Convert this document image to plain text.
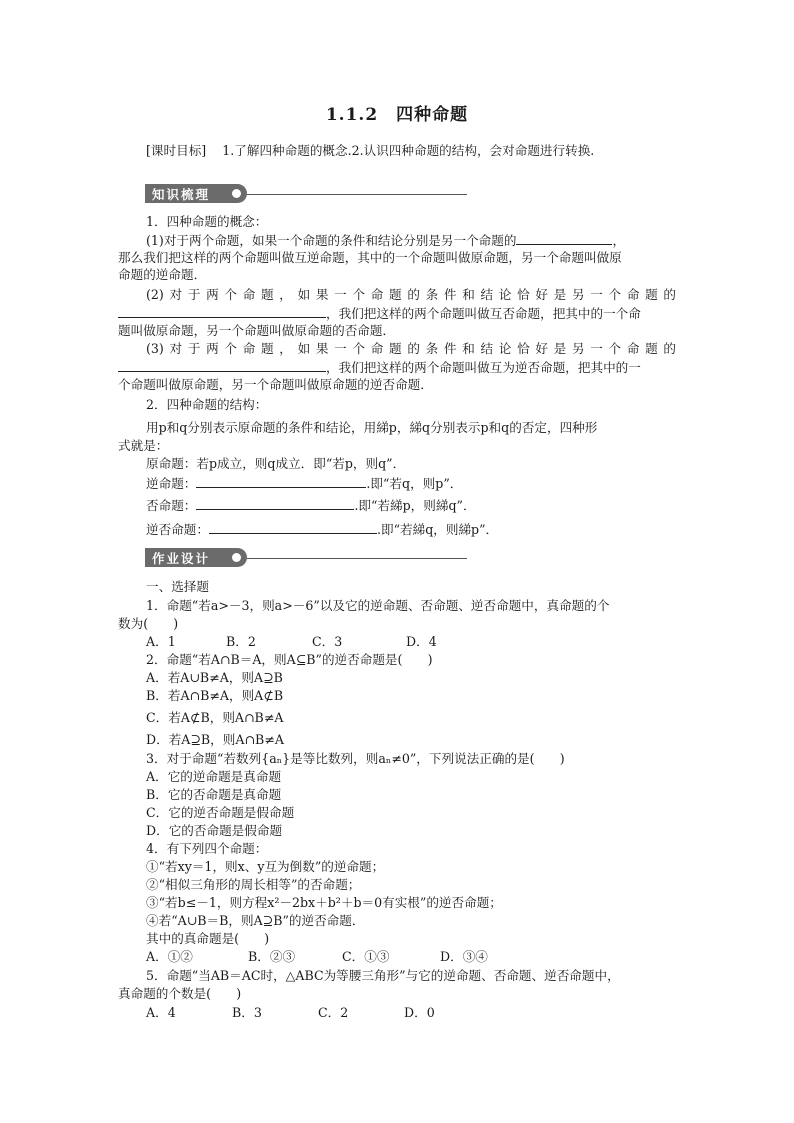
1.1.2　四种命题
[课时目标] 1.了解四种命题的概念.2.认识四种命题的结构，会对命题进行转换.
知识梳理
1．四种命题的概念：
(1)对于两个命题，如果一个命题的条件和结论分别是另一个命题的	，
那么我们把这样的两个命题叫做互逆命题，其中的一个命题叫做原命题，另一个命题叫做原
命题的逆命题．
(2)对于两个命题，如果一个命题的条件和结论恰好是另一个命题的
，我们把这样的两个命题叫做互否命题，把其中的一个命
题叫做原命题，另一个命题叫做原命题的否命题．
(3)对于两个命题，如果一个命题的条件和结论恰好是另一个命题的
，我们把这样的两个命题叫做互为逆否命题，把其中的一
个命题叫做原命题，另一个命题叫做原命题的逆否命题．
2．四种命题的结构：
用p和q分别表示原命题的条件和结论，用綈p，綈q分别表示p和q的否定，四种形
式就是：
原命题：若p成立，则q成立．即“若p，则q”．
逆命题：	.即“若q，则p”．
否命题：	.即“若綈p，则綈q”．
逆否命题：	.即“若綈q，则綈p”．
作业设计
一、选择题
1．命题“若a>－3，则a>－6”以及它的逆命题、否命题、逆否命题中，真命题的个
数为(　　)
A．1	B．2	C．3	D．4
2．命题“若A∩B＝A，则A⊆B”的逆否命题是(　　)
A．若A∪B≠A，则A⊇B
B．若A∩B≠A，则A⊄B
C．若A⊄B，则A∩B≠A
D．若A⊇B，则A∩B≠A
3．对于命题“若数列{aₙ}是等比数列，则aₙ≠0”，下列说法正确的是(　　)
A．它的逆命题是真命题
B．它的否命题是真命题
C．它的逆否命题是假命题
D．它的否命题是假命题
4．有下列四个命题：
①“若xy＝1，则x、y互为倒数”的逆命题；
②“相似三角形的周长相等”的否命题；
③“若b≤－1，则方程x²－2bx＋b²＋b＝0有实根”的逆否命题；
④若“A∪B＝B，则A⊇B”的逆否命题．
其中的真命题是(　　)
A．①②	B．②③	C．①③	D．③④
5．命题“当AB＝AC时，△ABC为等腰三角形”与它的逆命题、否命题、逆否命题中，
真命题的个数是(　　)
A．4	B．3	C．2	D．0
